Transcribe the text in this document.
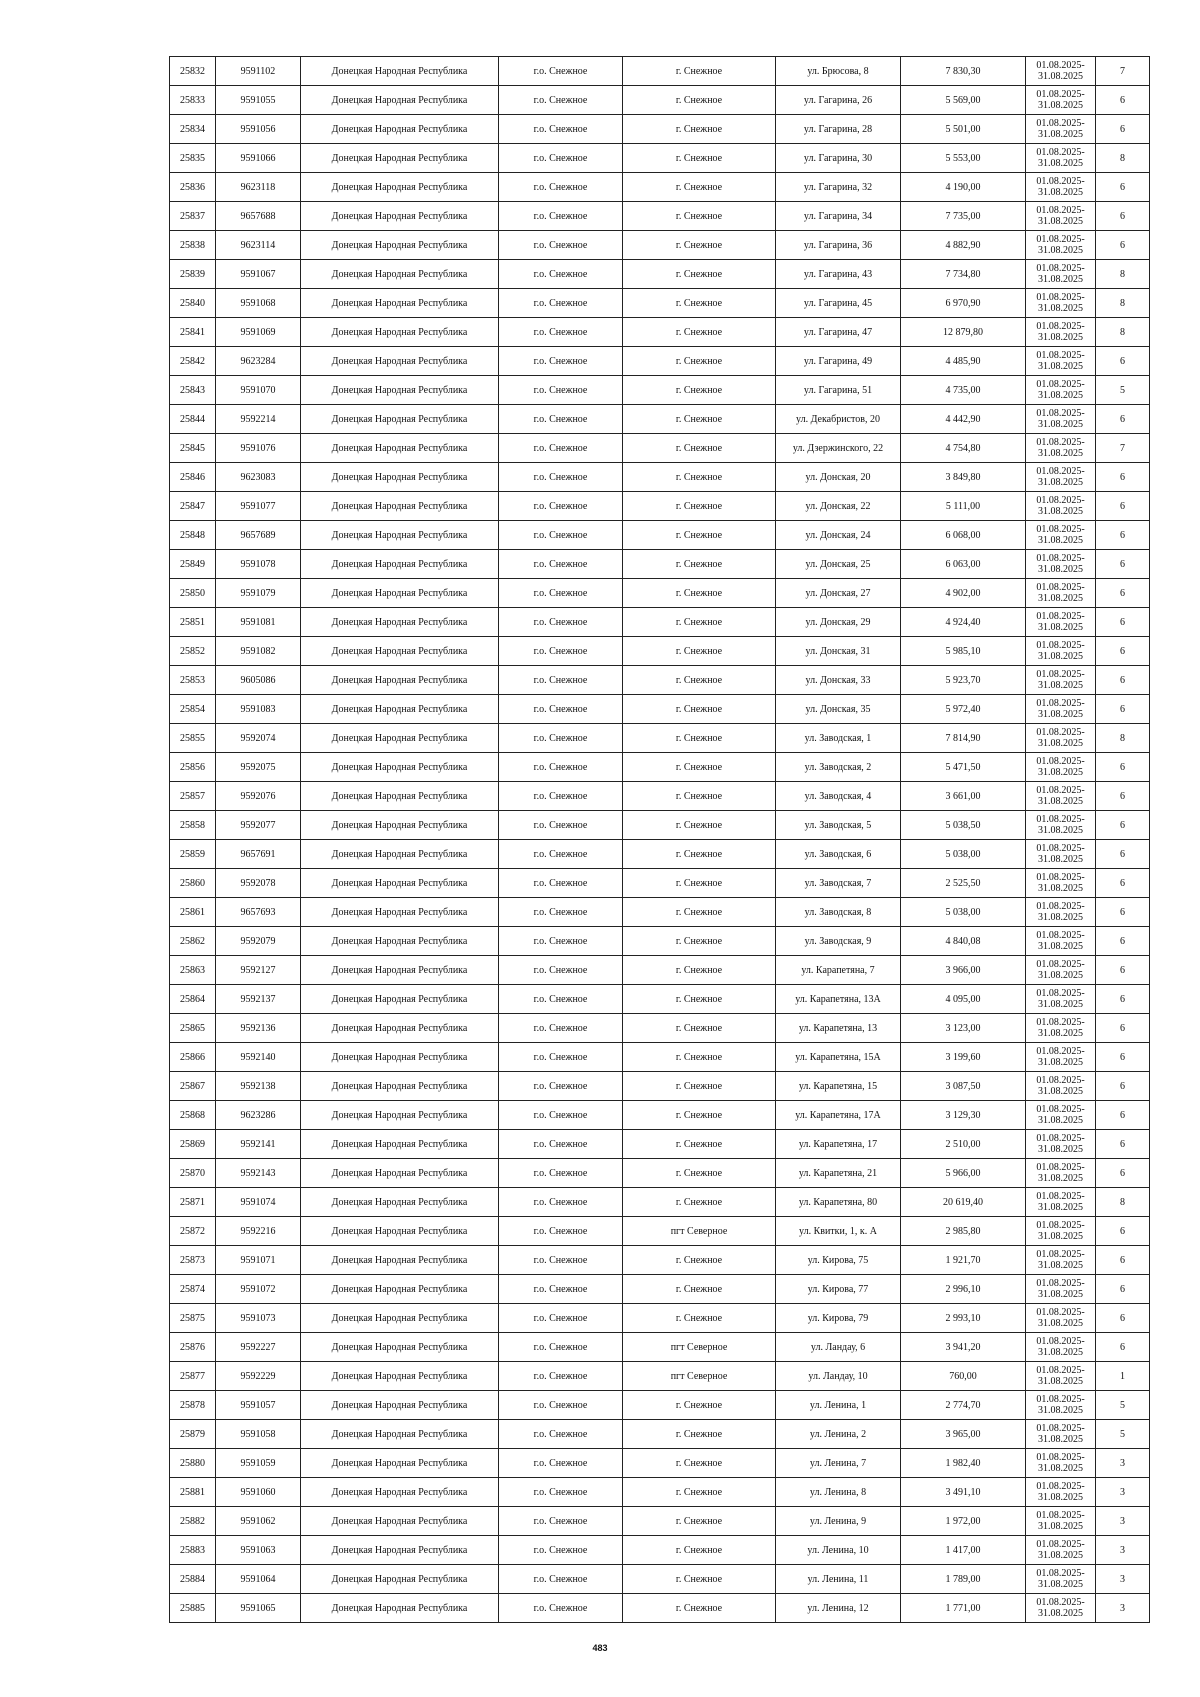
25832	9591102	Донецкая Народная Республика	г.о. Снежное	г. Снежное	ул. Брюсова, 8	7 830,30	01.08.2025-
31.08.2025	7
25833	9591055	Донецкая Народная Республика	г.о. Снежное	г. Снежное	ул. Гагарина, 26	5 569,00	01.08.2025-
31.08.2025	6
25834	9591056	Донецкая Народная Республика	г.о. Снежное	г. Снежное	ул. Гагарина, 28	5 501,00	01.08.2025-
31.08.2025	6
25835	9591066	Донецкая Народная Республика	г.о. Снежное	г. Снежное	ул. Гагарина, 30	5 553,00	01.08.2025-
31.08.2025	8
25836	9623118	Донецкая Народная Республика	г.о. Снежное	г. Снежное	ул. Гагарина, 32	4 190,00	01.08.2025-
31.08.2025	6
25837	9657688	Донецкая Народная Республика	г.о. Снежное	г. Снежное	ул. Гагарина, 34	7 735,00	01.08.2025-
31.08.2025	6
25838	9623114	Донецкая Народная Республика	г.о. Снежное	г. Снежное	ул. Гагарина, 36	4 882,90	01.08.2025-
31.08.2025	6
25839	9591067	Донецкая Народная Республика	г.о. Снежное	г. Снежное	ул. Гагарина, 43	7 734,80	01.08.2025-
31.08.2025	8
25840	9591068	Донецкая Народная Республика	г.о. Снежное	г. Снежное	ул. Гагарина, 45	6 970,90	01.08.2025-
31.08.2025	8
25841	9591069	Донецкая Народная Республика	г.о. Снежное	г. Снежное	ул. Гагарина, 47	12 879,80	01.08.2025-
31.08.2025	8
25842	9623284	Донецкая Народная Республика	г.о. Снежное	г. Снежное	ул. Гагарина, 49	4 485,90	01.08.2025-
31.08.2025	6
25843	9591070	Донецкая Народная Республика	г.о. Снежное	г. Снежное	ул. Гагарина, 51	4 735,00	01.08.2025-
31.08.2025	5
25844	9592214	Донецкая Народная Республика	г.о. Снежное	г. Снежное	ул. Декабристов, 20	4 442,90	01.08.2025-
31.08.2025	6
25845	9591076	Донецкая Народная Республика	г.о. Снежное	г. Снежное	ул. Дзержинского, 22	4 754,80	01.08.2025-
31.08.2025	7
25846	9623083	Донецкая Народная Республика	г.о. Снежное	г. Снежное	ул. Донская, 20	3 849,80	01.08.2025-
31.08.2025	6
25847	9591077	Донецкая Народная Республика	г.о. Снежное	г. Снежное	ул. Донская, 22	5 111,00	01.08.2025-
31.08.2025	6
25848	9657689	Донецкая Народная Республика	г.о. Снежное	г. Снежное	ул. Донская, 24	6 068,00	01.08.2025-
31.08.2025	6
25849	9591078	Донецкая Народная Республика	г.о. Снежное	г. Снежное	ул. Донская, 25	6 063,00	01.08.2025-
31.08.2025	6
25850	9591079	Донецкая Народная Республика	г.о. Снежное	г. Снежное	ул. Донская, 27	4 902,00	01.08.2025-
31.08.2025	6
25851	9591081	Донецкая Народная Республика	г.о. Снежное	г. Снежное	ул. Донская, 29	4 924,40	01.08.2025-
31.08.2025	6
25852	9591082	Донецкая Народная Республика	г.о. Снежное	г. Снежное	ул. Донская, 31	5 985,10	01.08.2025-
31.08.2025	6
25853	9605086	Донецкая Народная Республика	г.о. Снежное	г. Снежное	ул. Донская, 33	5 923,70	01.08.2025-
31.08.2025	6
25854	9591083	Донецкая Народная Республика	г.о. Снежное	г. Снежное	ул. Донская, 35	5 972,40	01.08.2025-
31.08.2025	6
25855	9592074	Донецкая Народная Республика	г.о. Снежное	г. Снежное	ул. Заводская, 1	7 814,90	01.08.2025-
31.08.2025	8
25856	9592075	Донецкая Народная Республика	г.о. Снежное	г. Снежное	ул. Заводская, 2	5 471,50	01.08.2025-
31.08.2025	6
25857	9592076	Донецкая Народная Республика	г.о. Снежное	г. Снежное	ул. Заводская, 4	3 661,00	01.08.2025-
31.08.2025	6
25858	9592077	Донецкая Народная Республика	г.о. Снежное	г. Снежное	ул. Заводская, 5	5 038,50	01.08.2025-
31.08.2025	6
25859	9657691	Донецкая Народная Республика	г.о. Снежное	г. Снежное	ул. Заводская, 6	5 038,00	01.08.2025-
31.08.2025	6
25860	9592078	Донецкая Народная Республика	г.о. Снежное	г. Снежное	ул. Заводская, 7	2 525,50	01.08.2025-
31.08.2025	6
25861	9657693	Донецкая Народная Республика	г.о. Снежное	г. Снежное	ул. Заводская, 8	5 038,00	01.08.2025-
31.08.2025	6
25862	9592079	Донецкая Народная Республика	г.о. Снежное	г. Снежное	ул. Заводская, 9	4 840,08	01.08.2025-
31.08.2025	6
25863	9592127	Донецкая Народная Республика	г.о. Снежное	г. Снежное	ул. Карапетяна, 7	3 966,00	01.08.2025-
31.08.2025	6
25864	9592137	Донецкая Народная Республика	г.о. Снежное	г. Снежное	ул. Карапетяна, 13А	4 095,00	01.08.2025-
31.08.2025	6
25865	9592136	Донецкая Народная Республика	г.о. Снежное	г. Снежное	ул. Карапетяна, 13	3 123,00	01.08.2025-
31.08.2025	6
25866	9592140	Донецкая Народная Республика	г.о. Снежное	г. Снежное	ул. Карапетяна, 15А	3 199,60	01.08.2025-
31.08.2025	6
25867	9592138	Донецкая Народная Республика	г.о. Снежное	г. Снежное	ул. Карапетяна, 15	3 087,50	01.08.2025-
31.08.2025	6
25868	9623286	Донецкая Народная Республика	г.о. Снежное	г. Снежное	ул. Карапетяна, 17А	3 129,30	01.08.2025-
31.08.2025	6
25869	9592141	Донецкая Народная Республика	г.о. Снежное	г. Снежное	ул. Карапетяна, 17	2 510,00	01.08.2025-
31.08.2025	6
25870	9592143	Донецкая Народная Республика	г.о. Снежное	г. Снежное	ул. Карапетяна, 21	5 966,00	01.08.2025-
31.08.2025	6
25871	9591074	Донецкая Народная Республика	г.о. Снежное	г. Снежное	ул. Карапетяна, 80	20 619,40	01.08.2025-
31.08.2025	8
25872	9592216	Донецкая Народная Республика	г.о. Снежное	пгт Северное	ул. Квитки, 1, к. А	2 985,80	01.08.2025-
31.08.2025	6
25873	9591071	Донецкая Народная Республика	г.о. Снежное	г. Снежное	ул. Кирова, 75	1 921,70	01.08.2025-
31.08.2025	6
25874	9591072	Донецкая Народная Республика	г.о. Снежное	г. Снежное	ул. Кирова, 77	2 996,10	01.08.2025-
31.08.2025	6
25875	9591073	Донецкая Народная Республика	г.о. Снежное	г. Снежное	ул. Кирова, 79	2 993,10	01.08.2025-
31.08.2025	6
25876	9592227	Донецкая Народная Республика	г.о. Снежное	пгт Северное	ул. Ландау, 6	3 941,20	01.08.2025-
31.08.2025	6
25877	9592229	Донецкая Народная Республика	г.о. Снежное	пгт Северное	ул. Ландау, 10	760,00	01.08.2025-
31.08.2025	1
25878	9591057	Донецкая Народная Республика	г.о. Снежное	г. Снежное	ул. Ленина, 1	2 774,70	01.08.2025-
31.08.2025	5
25879	9591058	Донецкая Народная Республика	г.о. Снежное	г. Снежное	ул. Ленина, 2	3 965,00	01.08.2025-
31.08.2025	5
25880	9591059	Донецкая Народная Республика	г.о. Снежное	г. Снежное	ул. Ленина, 7	1 982,40	01.08.2025-
31.08.2025	3
25881	9591060	Донецкая Народная Республика	г.о. Снежное	г. Снежное	ул. Ленина, 8	3 491,10	01.08.2025-
31.08.2025	3
25882	9591062	Донецкая Народная Республика	г.о. Снежное	г. Снежное	ул. Ленина, 9	1 972,00	01.08.2025-
31.08.2025	3
25883	9591063	Донецкая Народная Республика	г.о. Снежное	г. Снежное	ул. Ленина, 10	1 417,00	01.08.2025-
31.08.2025	3
25884	9591064	Донецкая Народная Республика	г.о. Снежное	г. Снежное	ул. Ленина, 11	1 789,00	01.08.2025-
31.08.2025	3
25885	9591065	Донецкая Народная Республика	г.о. Снежное	г. Снежное	ул. Ленина, 12	1 771,00	01.08.2025-
31.08.2025	3
483
